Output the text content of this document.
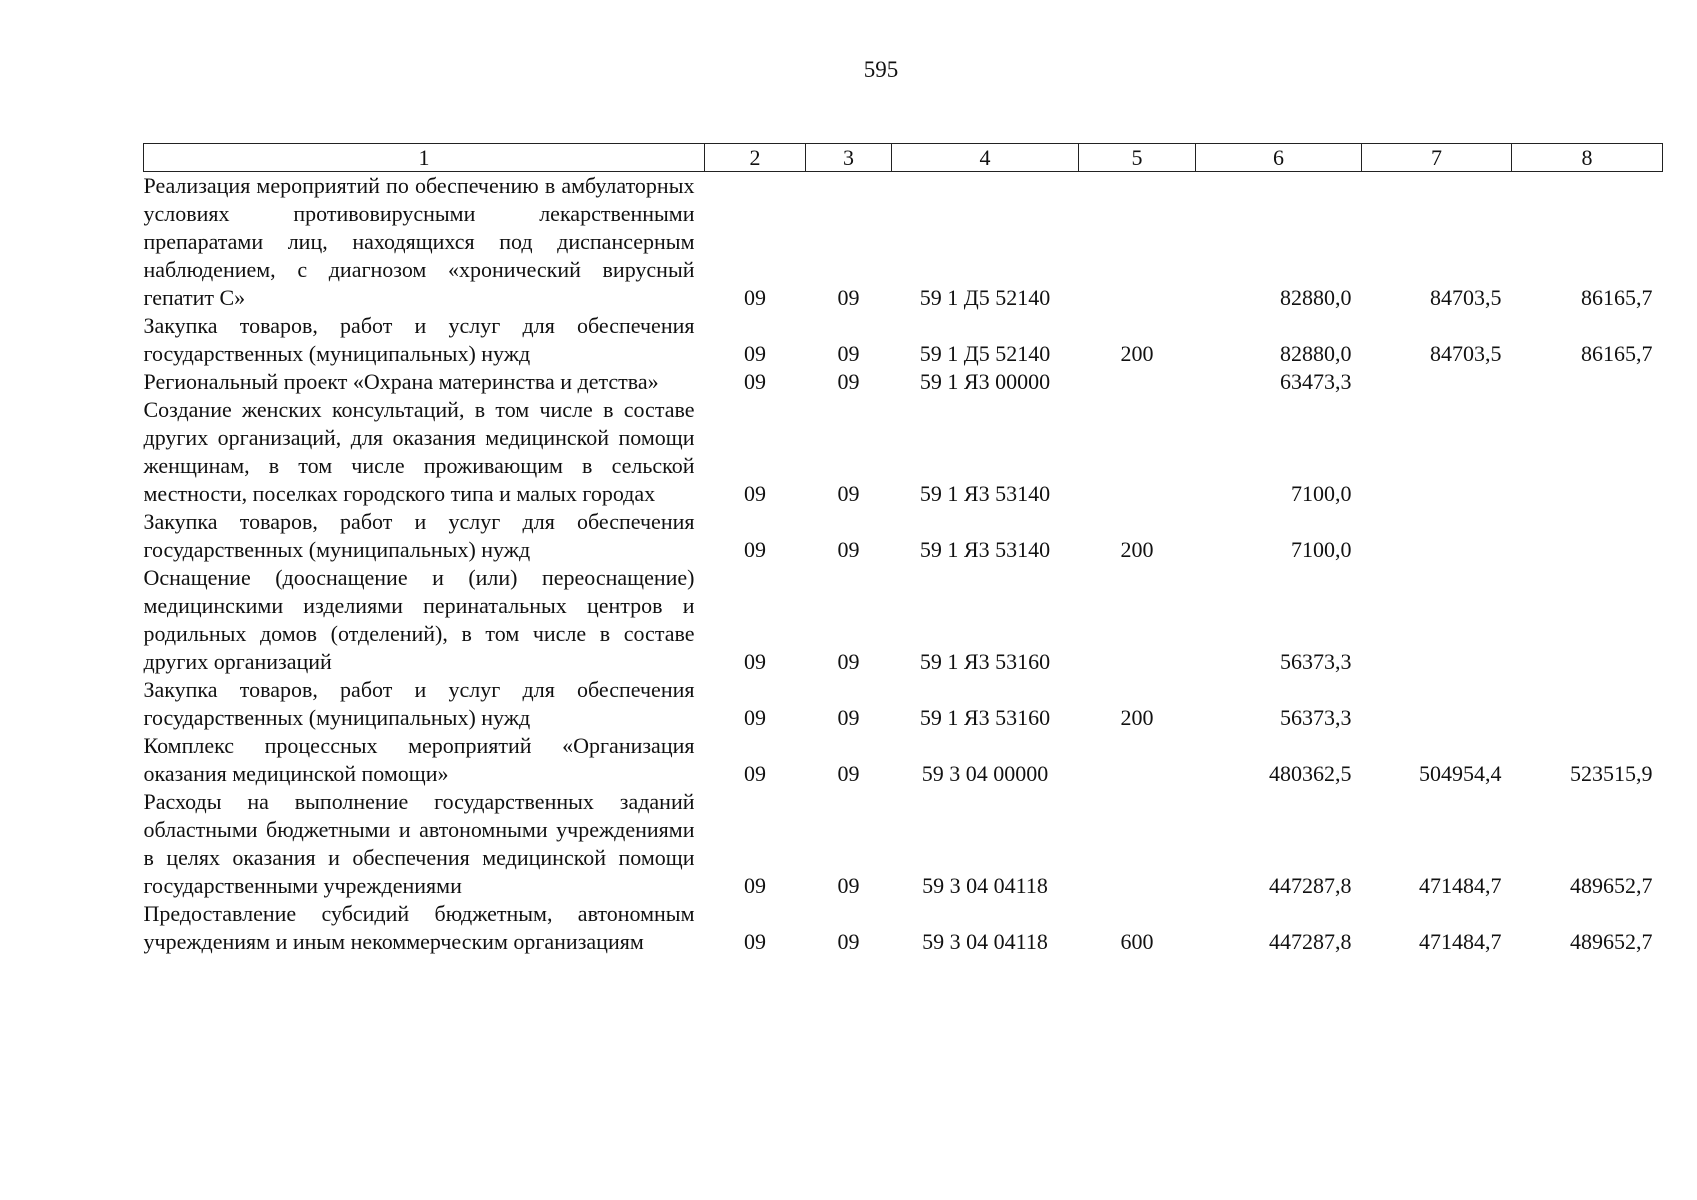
595
1	2	3	4	5	6	7	8
Реализация мероприятий по обеспечению в амбулаторных условиях противовирусными лекарственными препаратами лиц, находящихся под диспансерным наблюдением, с диагнозом «хронический вирусный гепатит С»	09	09	59 1 Д5 52140		82880,0	84703,5	86165,7
Закупка товаров, работ и услуг для обеспечения государственных (муниципальных) нужд	09	09	59 1 Д5 52140	200	82880,0	84703,5	86165,7
Региональный проект «Охрана материнства и детства»	09	09	59 1 Я3 00000		63473,3		
Создание женских консультаций, в том числе в составе других организаций, для оказания медицинской помощи женщинам, в том числе проживающим в сельской местности, поселках городского типа и малых городах	09	09	59 1 Я3 53140		7100,0		
Закупка товаров, работ и услуг для обеспечения государственных (муниципальных) нужд	09	09	59 1 Я3 53140	200	7100,0		
Оснащение (дооснащение и (или) переоснащение) медицинскими изделиями перинатальных центров и родильных домов (отделений), в том числе в составе других организаций	09	09	59 1 Я3 53160		56373,3		
Закупка товаров, работ и услуг для обеспечения государственных (муниципальных) нужд	09	09	59 1 Я3 53160	200	56373,3		
Комплекс процессных мероприятий «Организация оказания медицинской помощи»	09	09	59 3 04 00000		480362,5	504954,4	523515,9
Расходы на выполнение государственных заданий областными бюджетными и автономными учреждениями в целях оказания и обеспечения медицинской помощи государственными учреждениями	09	09	59 3 04 04118		447287,8	471484,7	489652,7
Предоставление субсидий бюджетным, автономным учреждениям и иным некоммерческим организациям	09	09	59 3 04 04118	600	447287,8	471484,7	489652,7
